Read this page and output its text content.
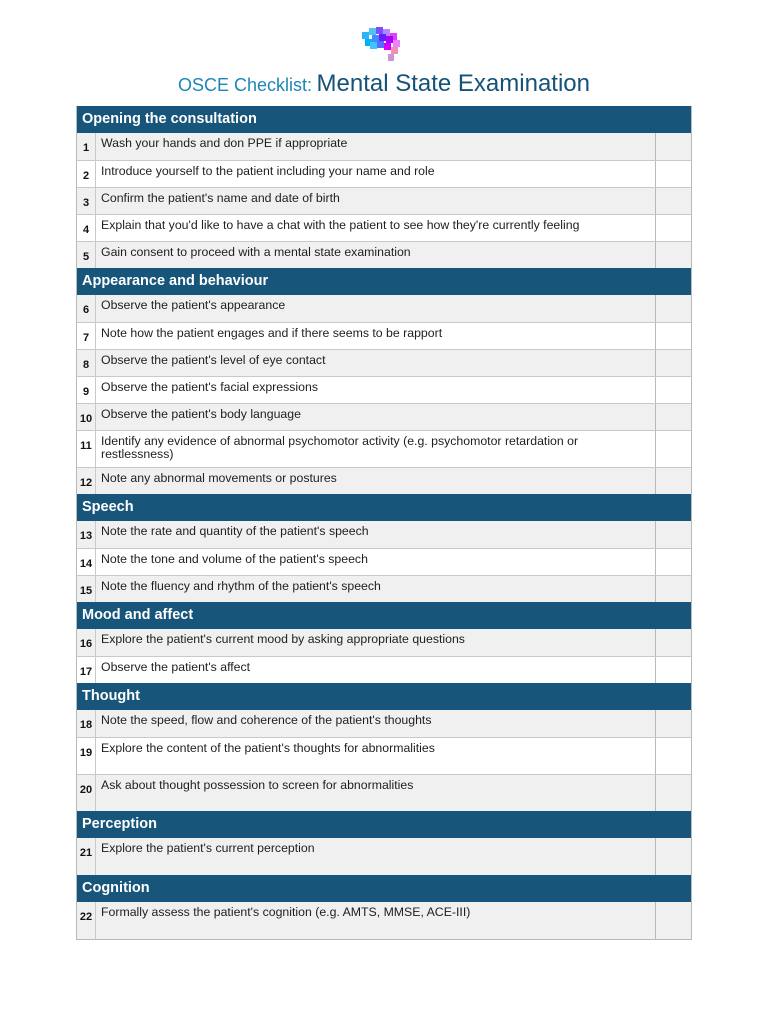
OSCE Checklist: Mental State Examination
Opening the consultation
1 Wash your hands and don PPE if appropriate
2 Introduce yourself to the patient including your name and role
3 Confirm the patient's name and date of birth
4 Explain that you'd like to have a chat with the patient to see how they're currently feeling
5 Gain consent to proceed with a mental state examination
Appearance and behaviour
6 Observe the patient's appearance
7 Note how the patient engages and if there seems to be rapport
8 Observe the patient's level of eye contact
9 Observe the patient's facial expressions
10 Observe the patient's body language
11 Identify any evidence of abnormal psychomotor activity (e.g. psychomotor retardation or restlessness)
12 Note any abnormal movements or postures
Speech
13 Note the rate and quantity of the patient's speech
14 Note the tone and volume of the patient's speech
15 Note the fluency and rhythm of the patient's speech
Mood and affect
16 Explore the patient's current mood by asking appropriate questions
17 Observe the patient's affect
Thought
18 Note the speed, flow and coherence of the patient's thoughts
19 Explore the content of the patient's thoughts for abnormalities
20 Ask about thought possession to screen for abnormalities
Perception
21 Explore the patient's current perception
Cognition
22 Formally assess the patient's cognition (e.g. AMTS, MMSE, ACE-III)
